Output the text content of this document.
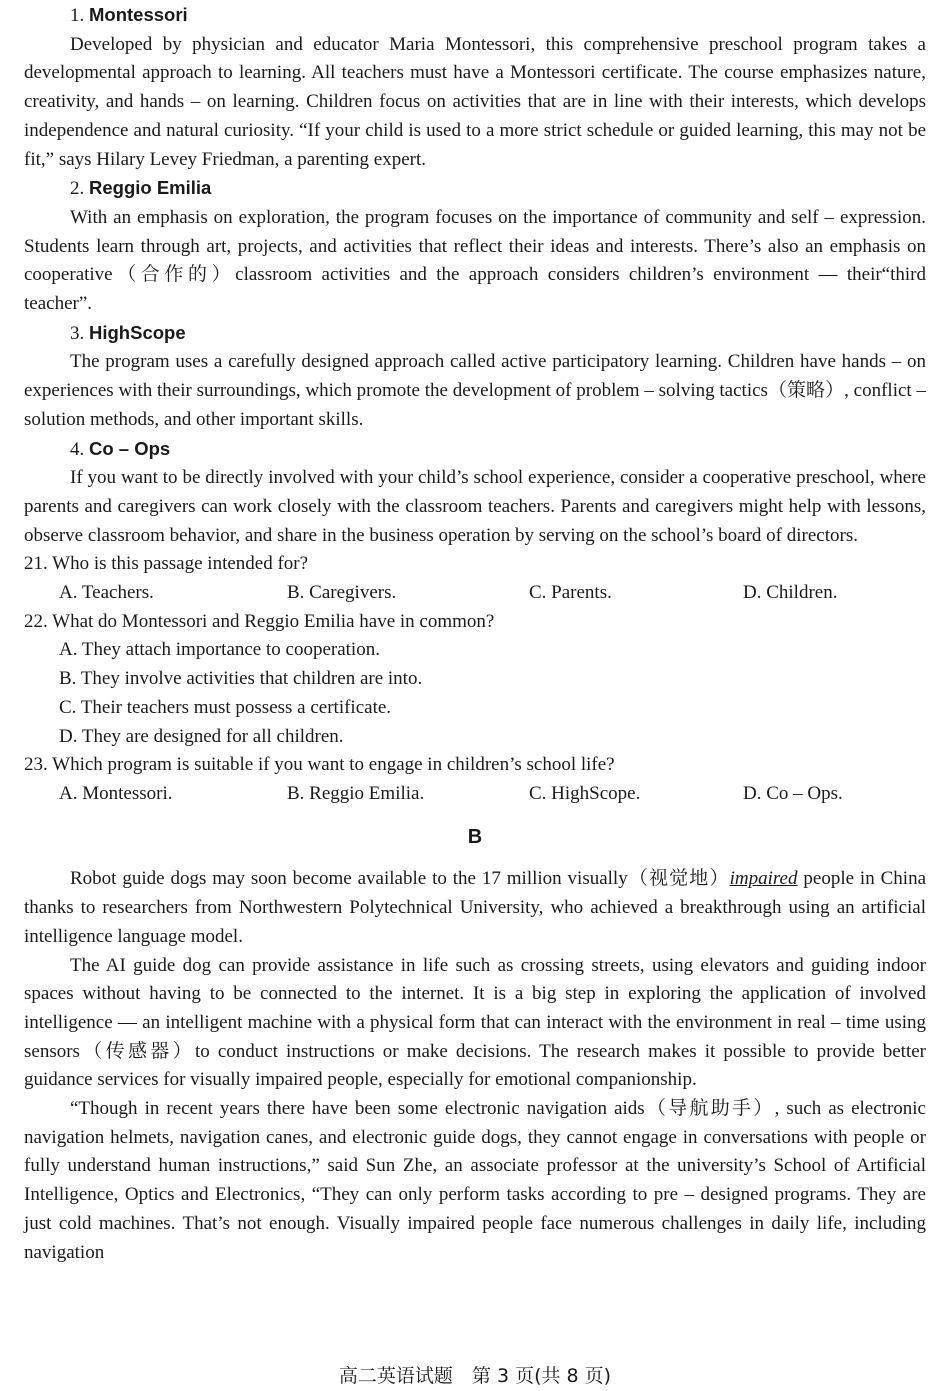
1. Montessori

Developed by physician and educator Maria Montessori, this comprehensive preschool program takes a developmental approach to learning. All teachers must have a Montessori certificate. The course emphasizes nature, creativity, and hands – on learning. Children focus on activities that are in line with their interests, which develops independence and natural curiosity. “If your child is used to a more strict schedule or guided learning, this may not be fit,” says Hilary Levey Friedman, a parenting expert.

2. Reggio Emilia

With an emphasis on exploration, the program focuses on the importance of community and self – expression. Students learn through art, projects, and activities that reflect their ideas and interests. There’s also an emphasis on cooperative（合作的）classroom activities and the approach considers children’s environment — their“third teacher”.

3. HighScope

The program uses a carefully designed approach called active participatory learning. Children have hands – on experiences with their surroundings, which promote the development of problem – solving tactics（策略）, conflict – solution methods, and other important skills.

4. Co – Ops

If you want to be directly involved with your child’s school experience, consider a cooperative preschool, where parents and caregivers can work closely with the classroom teachers. Parents and caregivers might help with lessons, observe classroom behavior, and share in the business operation by serving on the school’s board of directors.

21. Who is this passage intended for?

A. Teachers.	B. Caregivers.	C. Parents.	D. Children.

22. What do Montessori and Reggio Emilia have in common?

A. They attach importance to cooperation.
B. They involve activities that children are into.
C. Their teachers must possess a certificate.
D. They are designed for all children.

23. Which program is suitable if you want to engage in children’s school life?

A. Montessori.	B. Reggio Emilia.	C. HighScope.	D. Co – Ops.

B

Robot guide dogs may soon become available to the 17 million visually（视觉地）impaired people in China thanks to researchers from Northwestern Polytechnical University, who achieved a breakthrough using an artificial intelligence language model.

The AI guide dog can provide assistance in life such as crossing streets, using elevators and guiding indoor spaces without having to be connected to the internet. It is a big step in exploring the application of involved intelligence — an intelligent machine with a physical form that can interact with the environment in real – time using sensors（传感器）to conduct instructions or make decisions. The research makes it possible to provide better guidance services for visually impaired people, especially for emotional companionship.

“Though in recent years there have been some electronic navigation aids（导航助手）, such as electronic navigation helmets, navigation canes, and electronic guide dogs, they cannot engage in conversations with people or fully understand human instructions,” said Sun Zhe, an associate professor at the university’s School of Artificial Intelligence, Optics and Electronics, “They can only perform tasks according to pre – designed programs. They are just cold machines. That’s not enough. Visually impaired people face numerous challenges in daily life, including navigation

高二英语试题　第 3 页(共 8 页)
